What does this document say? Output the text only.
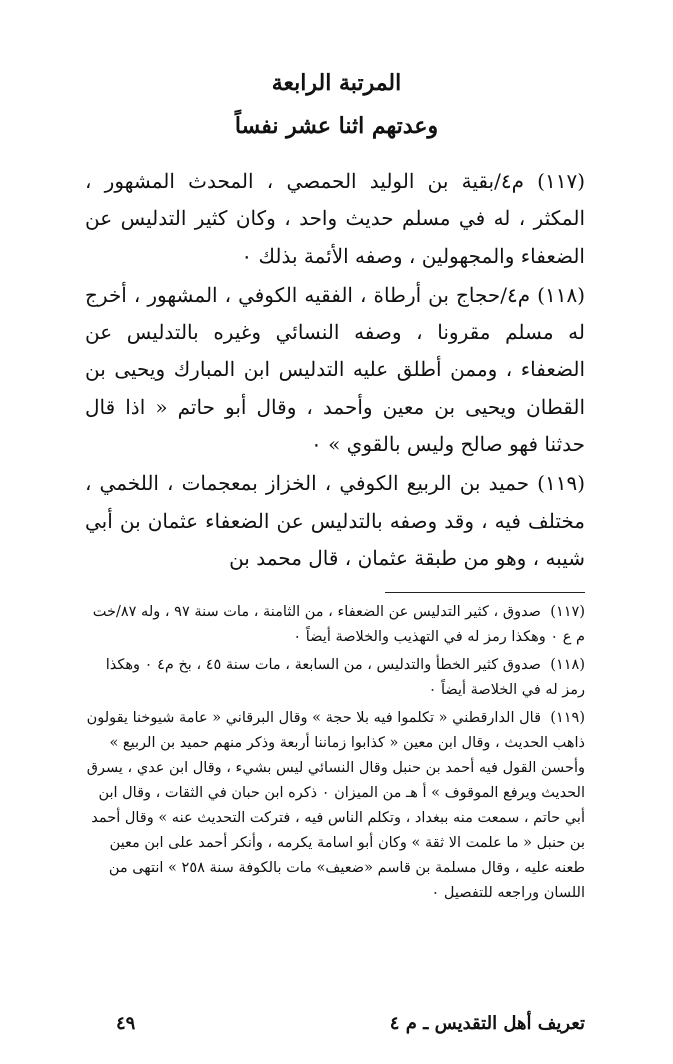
المرتبة الرابعة
وعدتهم اثنا عشر نفساً

(١١٧) م٤/بقية بن الوليد الحمصي ، المحدث المشهور ، المكثر ، له في مسلم حديث واحد ، وكان كثير التدليس عن الضعفاء والمجهولين ، وصفه الأئمة بذلك ٠

(١١٨) م٤/حجاج بن أرطاة ، الفقيه الكوفي ، المشهور ، أخرج له مسلم مقرونا ، وصفه النسائي وغيره بالتدليس عن الضعفاء ، وممن أطلق عليه التدليس ابن المبارك ويحيى بن القطان ويحيى بن معين وأحمد ، وقال أبو حاتم « اذا قال حدثنا فهو صالح وليس بالقوي » ٠

(١١٩) حميد بن الربيع الكوفي ، الخزاز بمعجمات ، اللخمي ، مختلف فيه ، وقد وصفه بالتدليس عن الضعفاء عثمان بن أبي شيبه ، وهو من طبقة عثمان ، قال محمد بن

(١١٧)صدوق ، كثير التدليس عن الضعفاء ، من الثامنة ، مات سنة ٩٧ ، وله ٨٧/خت م ع ٠ وهكذا رمز له في التهذيب والخلاصة أيضاً ٠
(١١٨)صدوق كثير الخطأ والتدليس ، من السابعة ، مات سنة ٤٥ ، بخ م٤ ٠ وهكذا رمز له في الخلاصة أيضاً ٠
(١١٩)قال الدارقطني « تكلموا فيه بلا حجة » وقال البرقاني « عامة شيوخنا يقولون ذاهب الحديث ، وقال ابن معين « كذابوا زماننا أربعة وذكر منهم حميد بن الربيع » وأحسن القول فيه أحمد بن حنبل وقال النسائي ليس بشيء ، وقال ابن عدي ، يسرق الحديث ويرفع الموقوف » أ هـ من الميزان ٠ ذكره ابن حبان في الثقات ، وقال ابن أبي حاتم ، سمعت منه ببغداد ، وتكلم الناس فيه ، فتركت التحديث عنه » وقال أحمد بن حنبل « ما علمت الا ثقة » وكان أبو اسامة يكرمه ، وأنكر أحمد على ابن معين طعنه عليه ، وقال مسلمة بن قاسم «ضعيف» مات بالكوفة سنة ٢٥٨ » انتهى من اللسان وراجعه للتفصيل ٠
تعريف أهل التقديس ـ م ٤
٤٩
